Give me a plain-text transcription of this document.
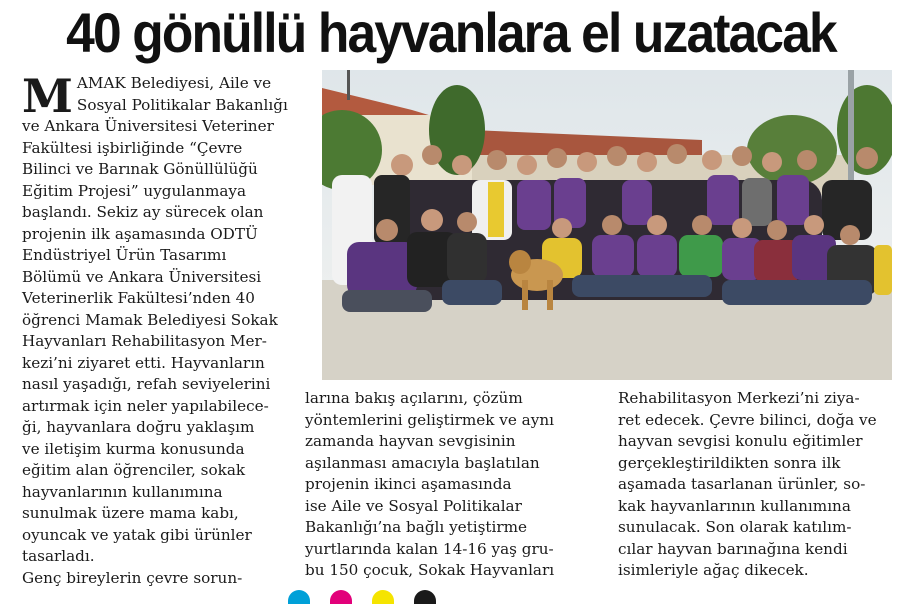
40 gönüllü hayvanlara el uzatacak
M AMAK Belediyesi, Aile ve
Sosyal Politikalar Bakanlığı
ve Ankara Üniversitesi Veteriner
Fakültesi işbirliğinde “Çevre
Bilinci ve Barınak Gönüllülüğü
Eğitim Projesi” uygulanmaya
başlandı. Sekiz ay sürecek olan
projenin ilk aşamasında ODTÜ
Endüstriyel Ürün Tasarımı
Bölümü ve Ankara Üniversitesi
Veterinerlik Fakültesi’nden 40
öğrenci Mamak Belediyesi Sokak
Hayvanları Rehabilitasyon Mer-
kezi’ni ziyaret etti. Hayvanların
nasıl yaşadığı, refah seviyelerini
artırmak için neler yapılabilece-
ği, hayvanlara doğru yaklaşım
ve iletişim kurma konusunda
eğitim alan öğrenciler, sokak
hayvanlarının kullanımına
sunulmak üzere mama kabı,
oyuncak ve yatak gibi ürünler
tasarladı.
Genç bireylerin çevre sorun-
larına bakış açılarını, çözüm
yöntemlerini geliştirmek ve aynı
zamanda hayvan sevgisinin
aşılanması amacıyla başlatılan
projenin ikinci aşamasında
ise Aile ve Sosyal Politikalar
Bakanlığı’na bağlı yetiştirme
yurtlarında kalan 14-16 yaş gru-
bu 150 çocuk, Sokak Hayvanları
Rehabilitasyon Merkezi’ni ziya-
ret edecek. Çevre bilinci, doğa ve
hayvan sevgisi konulu eğitimler
gerçekleştirildikten sonra ilk
aşamada tasarlanan ürünler, so-
kak hayvanlarının kullanımına
sunulacak. Son olarak katılım-
cılar hayvan barınağına kendi
isimleriyle ağaç dikecek.
